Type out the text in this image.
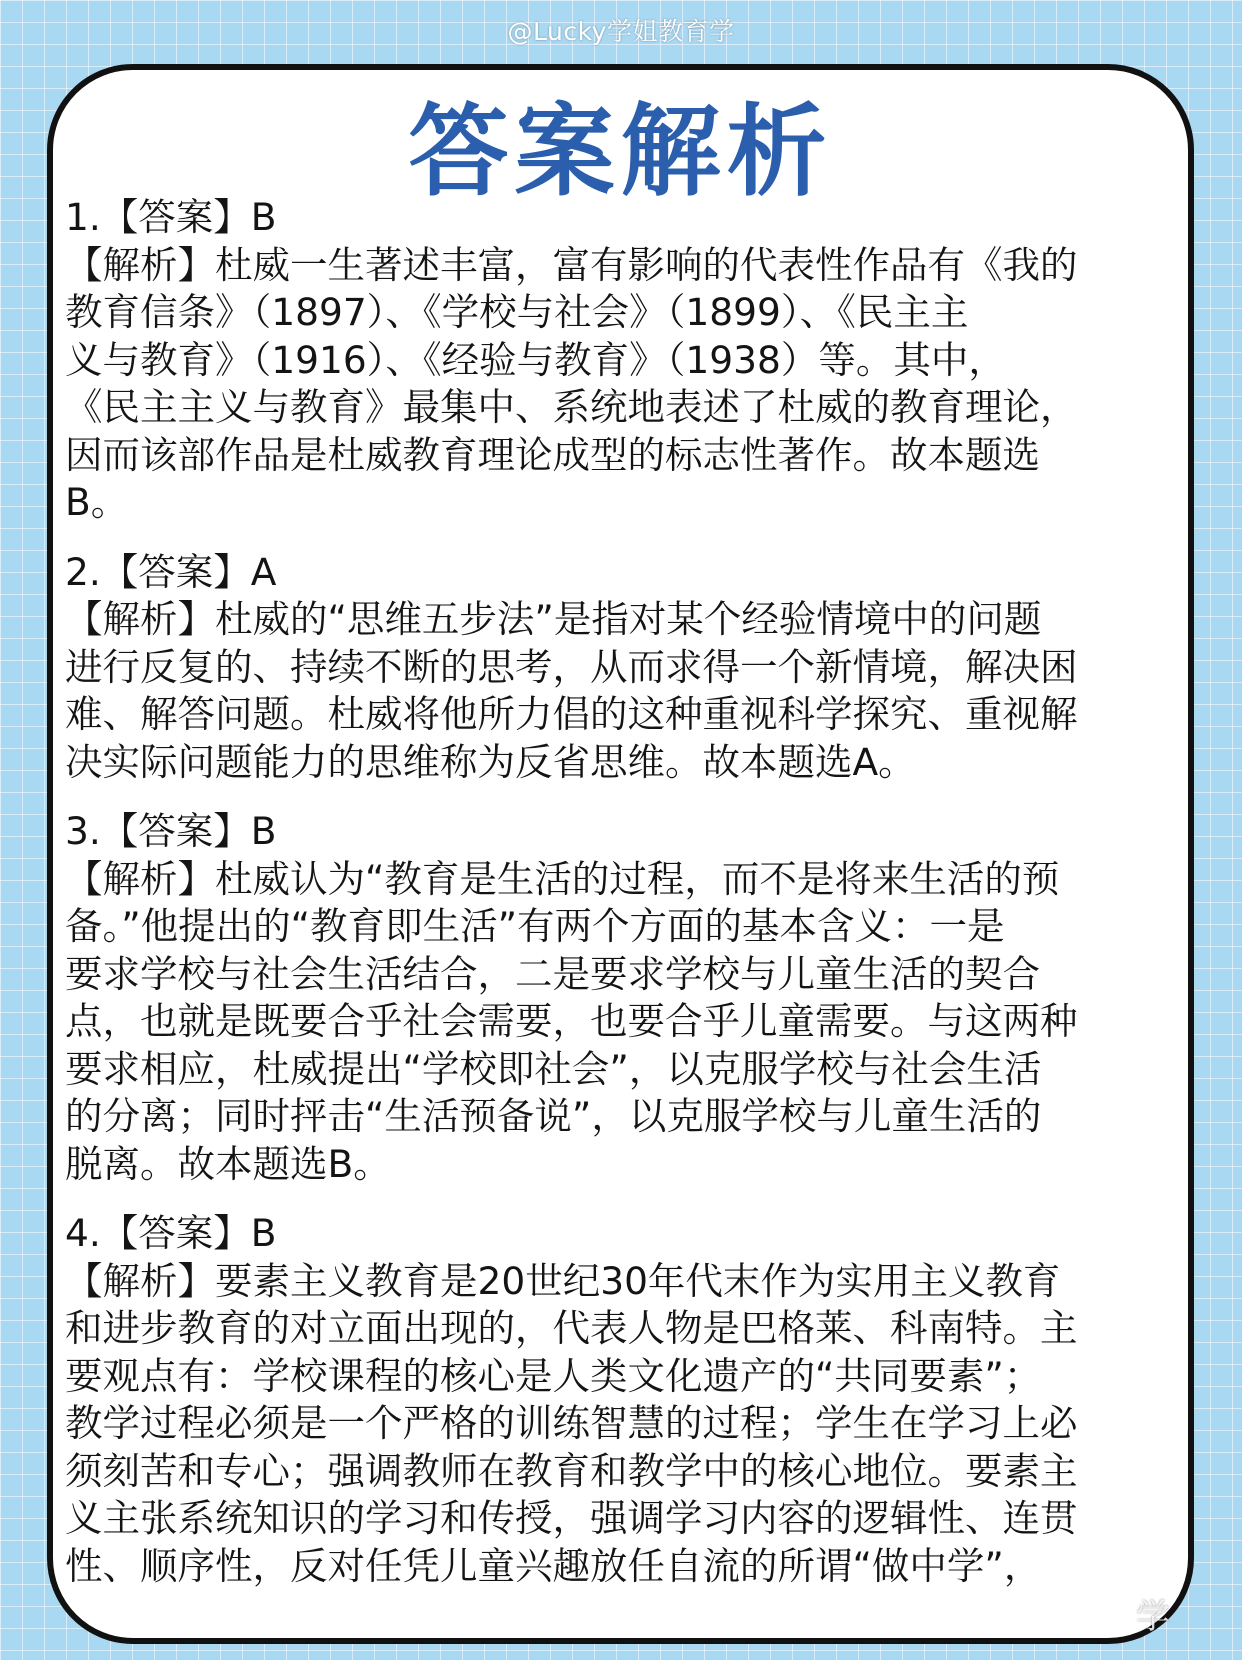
@Lucky学姐教育学
答案解析
1.【答案】B
【解析】杜威一生著述丰富，富有影响的代表性作品有《我的
教育信条》（1897）、《学校与社会》（1899）、《民主主
义与教育》（1916）、《经验与教育》（1938）等。其中，
《民主主义与教育》最集中、系统地表述了杜威的教育理论，
因而该部作品是杜威教育理论成型的标志性著作。故本题选
B。
2.【答案】A
【解析】杜威的“思维五步法”是指对某个经验情境中的问题
进行反复的、持续不断的思考，从而求得一个新情境，解决困
难、解答问题。杜威将他所力倡的这种重视科学探究、重视解
决实际问题能力的思维称为反省思维。故本题选A。
3.【答案】B
【解析】杜威认为“教育是生活的过程，而不是将来生活的预
备。”他提出的“教育即生活”有两个方面的基本含义：一是
要求学校与社会生活结合，二是要求学校与儿童生活的契合
点，也就是既要合乎社会需要，也要合乎儿童需要。与这两种
要求相应，杜威提出“学校即社会”，以克服学校与社会生活
的分离；同时抨击“生活预备说”，以克服学校与儿童生活的
脱离。故本题选B。
4.【答案】B
【解析】要素主义教育是20世纪30年代末作为实用主义教育
和进步教育的对立面出现的，代表人物是巴格莱、科南特。主
要观点有：学校课程的核心是人类文化遗产的“共同要素”；
教学过程必须是一个严格的训练智慧的过程；学生在学习上必
须刻苦和专心；强调教师在教育和教学中的核心地位。要素主
义主张系统知识的学习和传授，强调学习内容的逻辑性、连贯
性、顺序性，反对任凭儿童兴趣放任自流的所谓“做中学”，
学
